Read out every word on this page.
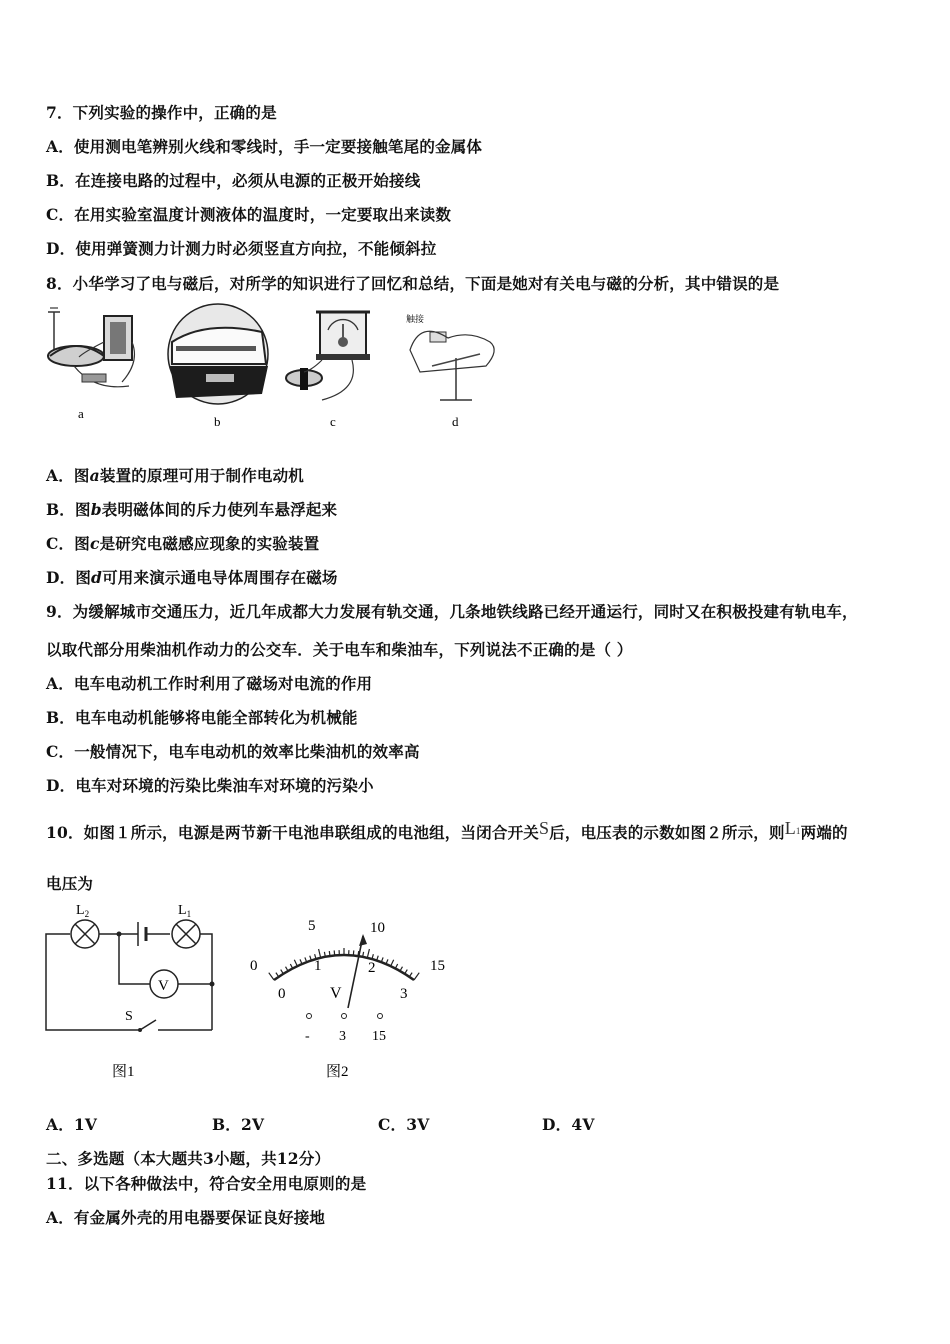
7．下列实验的操作中，正确的是
A．使用测电笔辨别火线和零线时，手一定要接触笔尾的金属体
B．在连接电路的过程中，必须从电源的正极开始接线
C．在用实验室温度计测液体的温度时，一定要取出来读数
D．使用弹簧测力计测力时必须竖直方向拉，不能倾斜拉
8．小华学习了电与磁后，对所学的知识进行了回忆和总结，下面是她对有关电与磁的分析，其中错误的是
a
b	c
触接
d
A．图a装置的原理可用于制作电动机
B．图b表明磁体间的斥力使列车悬浮起来
C．图c是研究电磁感应现象的实验装置
D．图d可用来演示通电导体周围存在磁场
9．为缓解城市交通压力，近几年成都大力发展有轨交通，几条地铁线路已经开通运行，同时又在积极投建有轨电车，
以取代部分用柴油机作动力的公交车．关于电车和柴油车，下列说法不正确的是（ ）
A．电车电动机工作时利用了磁场对电流的作用
B．电车电动机能够将电能全部转化为机械能
C．一般情况下，电车电动机的效率比柴油机的效率高
D．电车对环境的污染比柴油车对环境的污染小
10．如图１所示，电源是两节新干电池串联组成的电池组，当闭合开关S后，电压表的示数如图２所示，则$L^1$两端的
电压为
$L_2$	$L_1$
V
S
图1
0
5	10
15
0
1	2
3
V
- 3 15
图2
A．1V	B．2V	C．3V	D．4V
二、多选题（本大题共3小题，共12分）
11．以下各种做法中，符合安全用电原则的是
A．有金属外壳的用电器要保证良好接地
